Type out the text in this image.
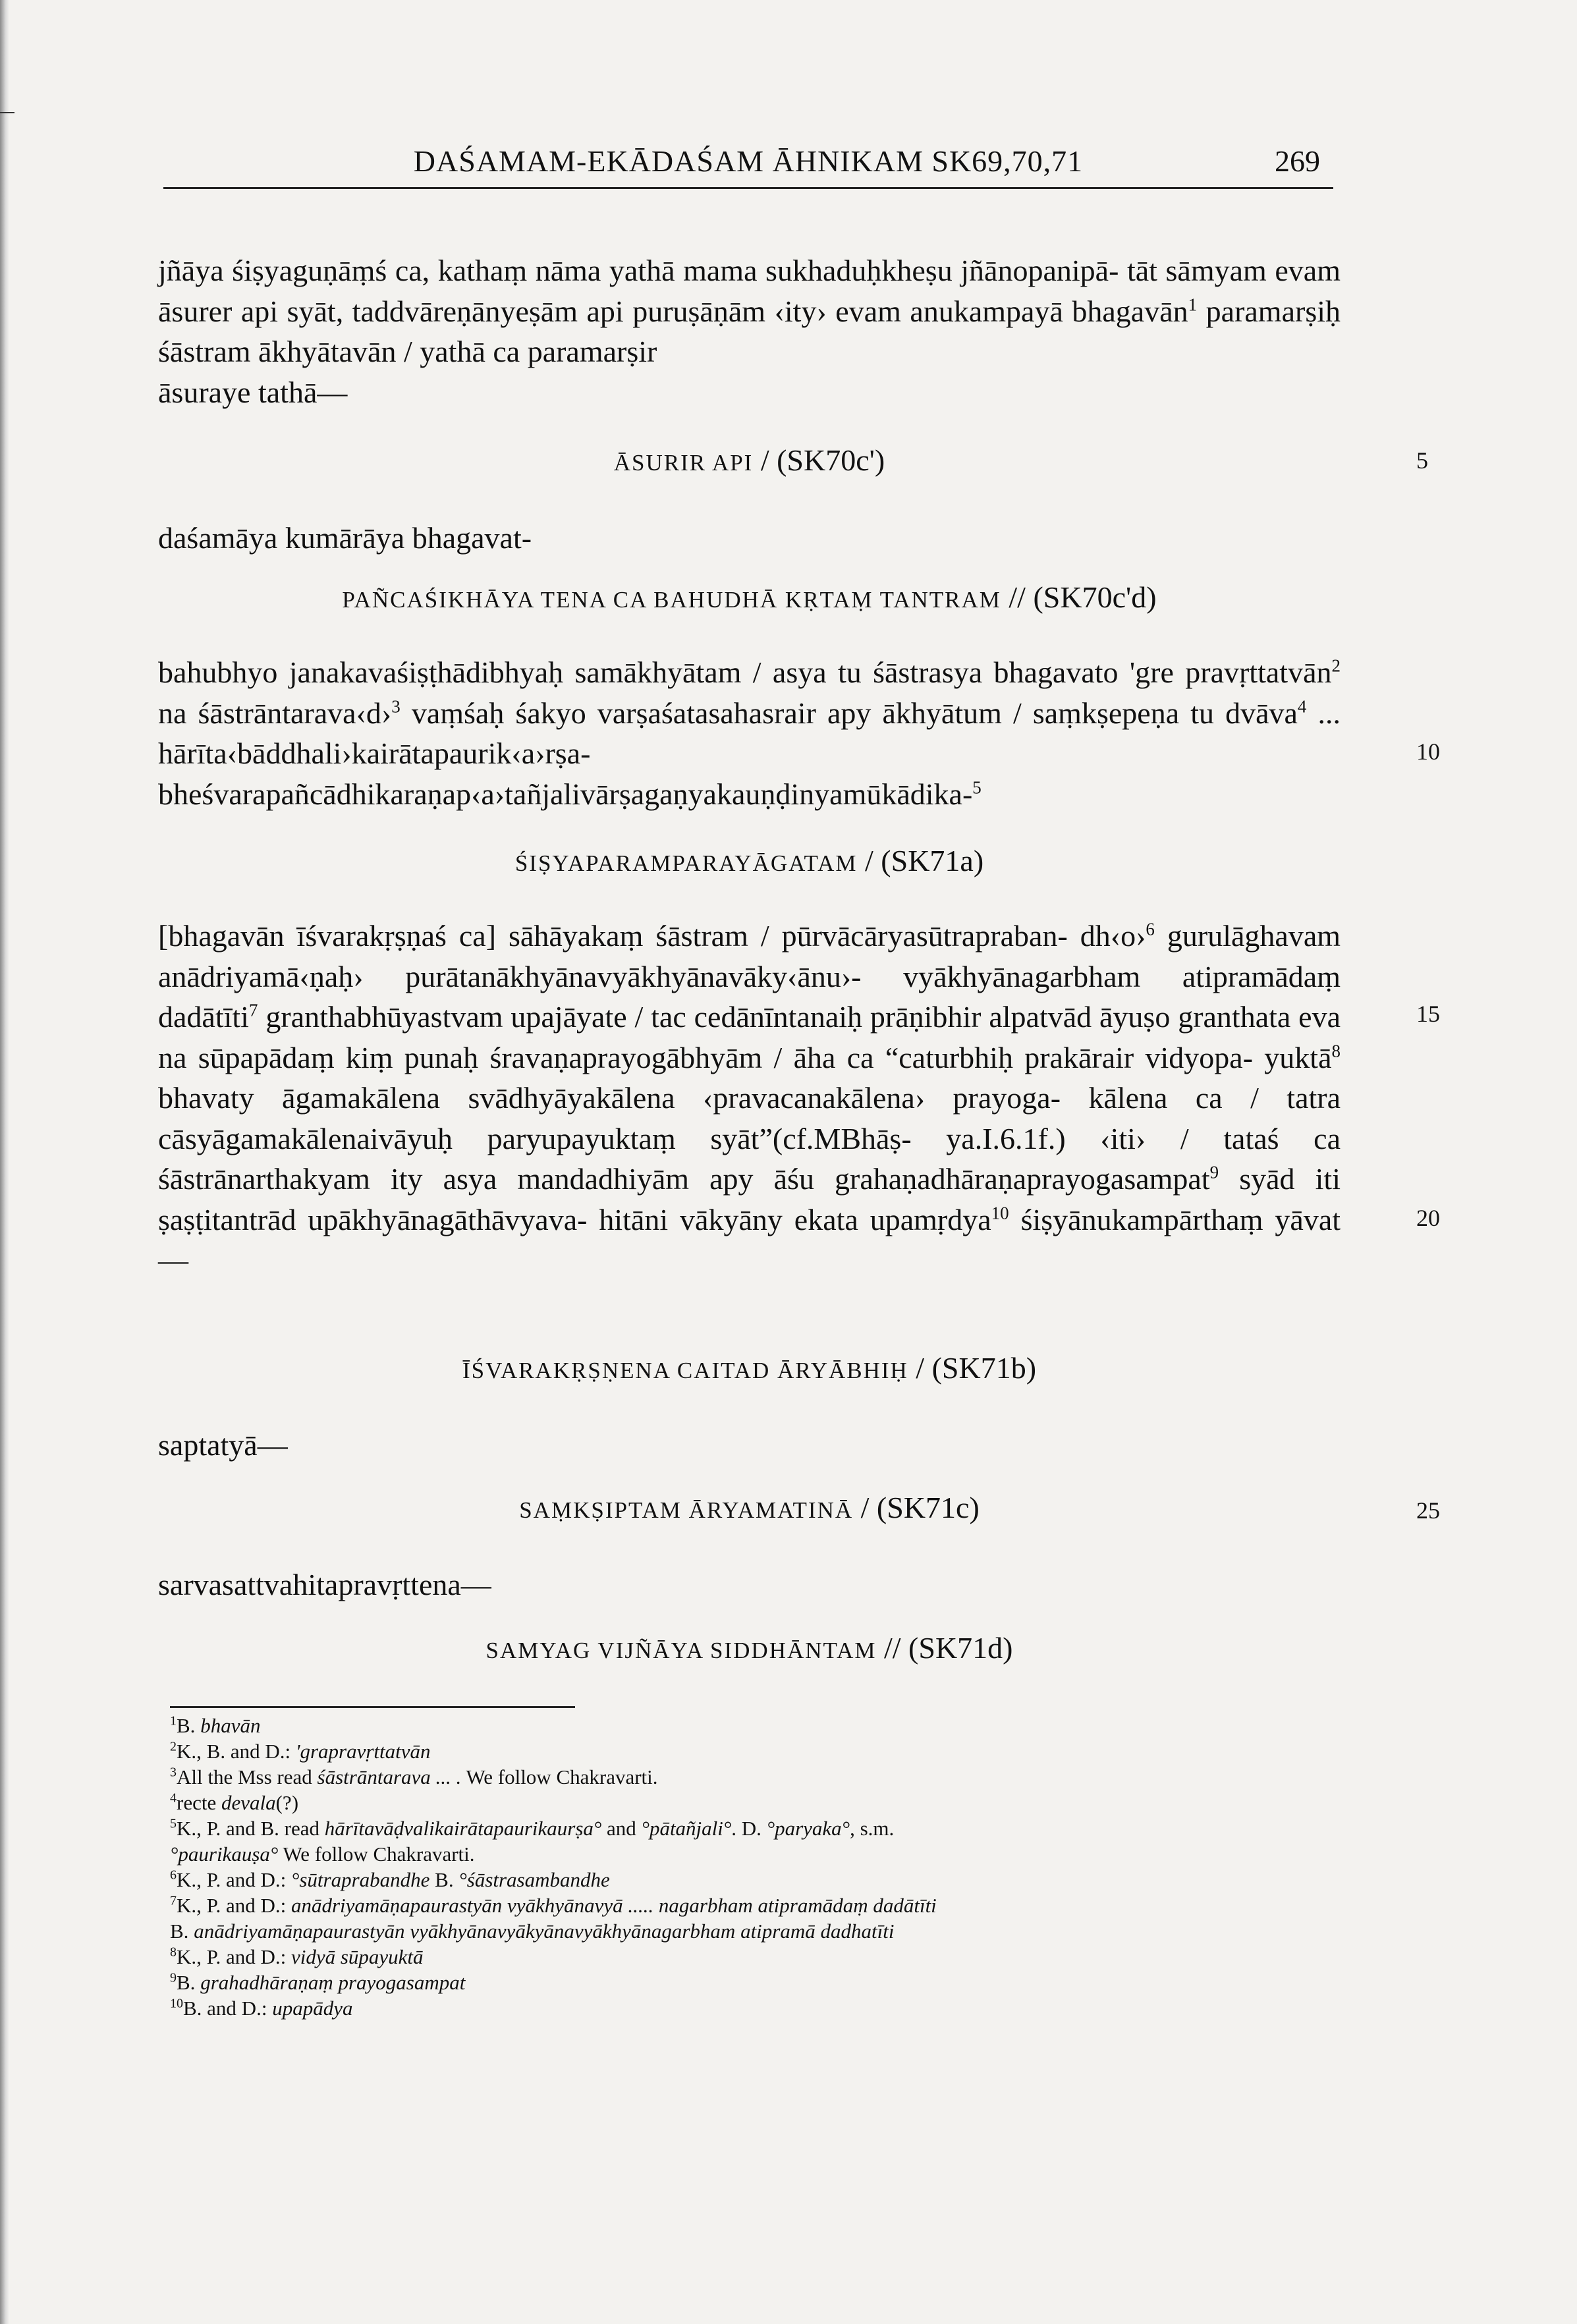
DAŚAMAM-EKĀDAŚAM ĀHNIKAM SK69,70,71	269
jñāya śiṣyaguṇāṃś ca, kathaṃ nāma yathā mama sukhaduḥkheṣu jñānopanipā- tāt sāmyam evam āsurer api syāt, taddvāreṇānyeṣām api puruṣāṇām ‹ity› evam anukampayā bhagavān$^1$ paramarṣiḥ śāstram ākhyātavān / yathā ca paramarṣir
āsuraye tathā—
ĀSURIR API / (SK70c')	5
daśamāya kumārāya bhagavat-
PAÑCAŚIKHĀYA TENA CA BAHUDHĀ KṚTAṂ TANTRAM // (SK70c'd)
bahubhyo janakavaśiṣṭhādibhyaḥ samākhyātam / asya tu śāstrasya bhagavato 'gre pravṛttatvān$^2$ na śāstrāntarava‹d›$^3$ vaṃśaḥ śakyo varṣaśatasahasrair apy ākhyātum / saṃkṣepeṇa tu dvāva$^4$ ... hārīta‹bāddhali›kairātapaurik‹a›rṣa-
bheśvarapañcādhikaraṇap‹a›tañjalivārṣagaṇyakauṇḍinyamūkādika-$^5$
10
ŚIṢYAPARAMPARAYĀGATAM / (SK71a)
[bhagavān īśvarakṛṣṇaś ca] sāhāyakaṃ śāstram / pūrvācāryasūtrapraban- dh‹o›$^6$ gurulāghavam anādriyamā‹ṇaḥ› purātanākhyānavyākhyānavāky‹ānu›- vyākhyānagarbham atipramādaṃ dadātīti$^7$ granthabhūyastvam upajāyate / tac cedānīntanaiḥ prāṇibhir alpatvād āyuṣo granthata eva na sūpapādaṃ kiṃ punaḥ śravaṇaprayogābhyām / āha ca “caturbhiḥ prakārair vidyopa- yuktā$^8$ bhavaty āgamakālena svādhyāyakālena ‹pravacanakālena› prayoga- kālena ca / tatra cāsyāgamakālenaivāyuḥ paryupayuktaṃ syāt”(cf.MBhāṣ- ya.I.6.1f.) ‹iti› / tataś ca śāstrānarthakyam ity asya mandadhiyām apy āśu grahaṇadhāraṇaprayogasampat$^9$ syād iti ṣaṣṭitantrād upākhyānagāthāvyava- hitāni vākyāny ekata upamṛdya$^{10}$ śiṣyānukampārthaṃ yāvat—
15
20
ĪŚVARAKṚṢṆENA CAITAD ĀRYĀBHIḤ / (SK71b)
saptatyā—
SAṂKṢIPTAM ĀRYAMATINĀ / (SK71c)	25
sarvasattvahitapravṛttena—
SAMYAG VIJÑĀYA SIDDHĀNTAM // (SK71d)
$^1$B. bhavān
$^2$K., B. and D.: 'grapravṛttatvān
$^3$All the Mss read śāstrāntarava ... . We follow Chakravarti.
$^4$recte devala(?)
$^5$K., P. and B. read hārītavāḍvalikairātapaurikaurṣa° and °pātañjali°. D. °paryaka°, s.m.
°paurikauṣa° We follow Chakravarti.
$^6$K., P. and D.: °sūtraprabandhe B. °śāstrasambandhe
$^7$K., P. and D.: anādriyamāṇapaurastyān vyākhyānavyā ..... nagarbham atipramādaṃ dadātīti
B. anādriyamāṇapaurastyān vyākhyānavyākyānavyākhyānagarbham atipramā dadhatīti
$^8$K., P. and D.: vidyā sūpayuktā
$^9$B. grahadhāraṇaṃ prayogasampat
$^{10}$B. and D.: upapādya
